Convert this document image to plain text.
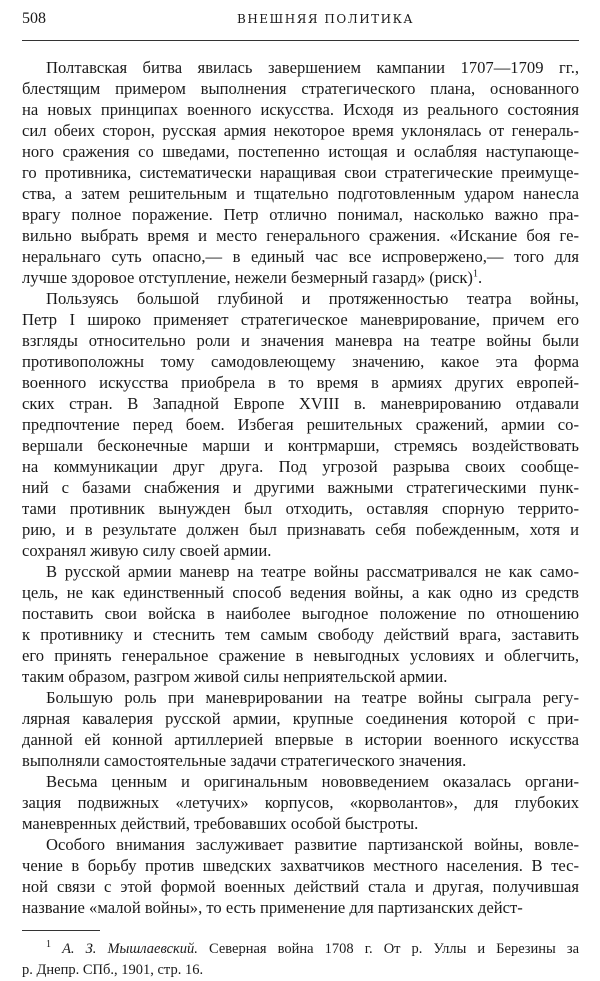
508	ВНЕШНЯЯ ПОЛИТИКА
Полтавская битва явилась завершением кампании 1707—1709 гг.,
блестящим примером выполнения стратегического плана, основанного
на новых принципах военного искусства. Исходя из реального состояния
сил обеих сторон, русская армия некоторое время уклонялась от генераль-
ного сражения со шведами, постепенно истощая и ослабляя наступающе-
го противника, систематически наращивая свои стратегические преимуще-
ства, а затем решительным и тщательно подготовленным ударом нанесла
врагу полное поражение. Петр отлично понимал, насколько важно пра-
вильно выбрать время и место генерального сражения. «Искание боя ге-
неральнаго суть опасно,— в единый час все испровержено,— того для
лучше здоровое отступление, нежели безмерный газард» (риск)$^1$.
Пользуясь большой глубиной и протяженностью театра войны,
Петр I широко применяет стратегическое маневрирование, причем его
взгляды относительно роли и значения маневра на театре войны были
противоположны тому самодовлеющему значению, какое эта форма
военного искусства приобрела в то время в армиях других европей-
ских стран. В Западной Европе XVIII в. маневрированию отдавали
предпочтение перед боем. Избегая решительных сражений, армии со-
вершали бесконечные марши и контрмарши, стремясь воздействовать
на коммуникации друг друга. Под угрозой разрыва своих сообще-
ний с базами снабжения и другими важными стратегическими пунк-
тами противник вынужден был отходить, оставляя спорную террито-
рию, и в результате должен был признавать себя побежденным, хотя и
сохранял живую силу своей армии.
В русской армии маневр на театре войны рассматривался не как само-
цель, не как единственный способ ведения войны, а как одно из средств
поставить свои войска в наиболее выгодное положение по отношению
к противнику и стеснить тем самым свободу действий врага, заставить
его принять генеральное сражение в невыгодных условиях и облегчить,
таким образом, разгром живой силы неприятельской армии.
Большую роль при маневрировании на театре войны сыграла регу-
лярная кавалерия русской армии, крупные соединения которой с при-
данной ей конной артиллерией впервые в истории военного искусства
выполняли самостоятельные задачи стратегического значения.
Весьма ценным и оригинальным нововведением оказалась органи-
зация подвижных «летучих» корпусов, «корволантов», для глубоких
маневренных действий, требовавших особой быстроты.
Особого внимания заслуживает развитие партизанской войны, вовле-
чение в борьбу против шведских захватчиков местного населения. В тес-
ной связи с этой формой военных действий стала и другая, получившая
название «малой войны», то есть применение для партизанских дейст-
$^1$ А. З. Мышлаевский. Северная война 1708 г. От р. Уллы и Березины за
р. Днепр. СПб., 1901, стр. 16.
